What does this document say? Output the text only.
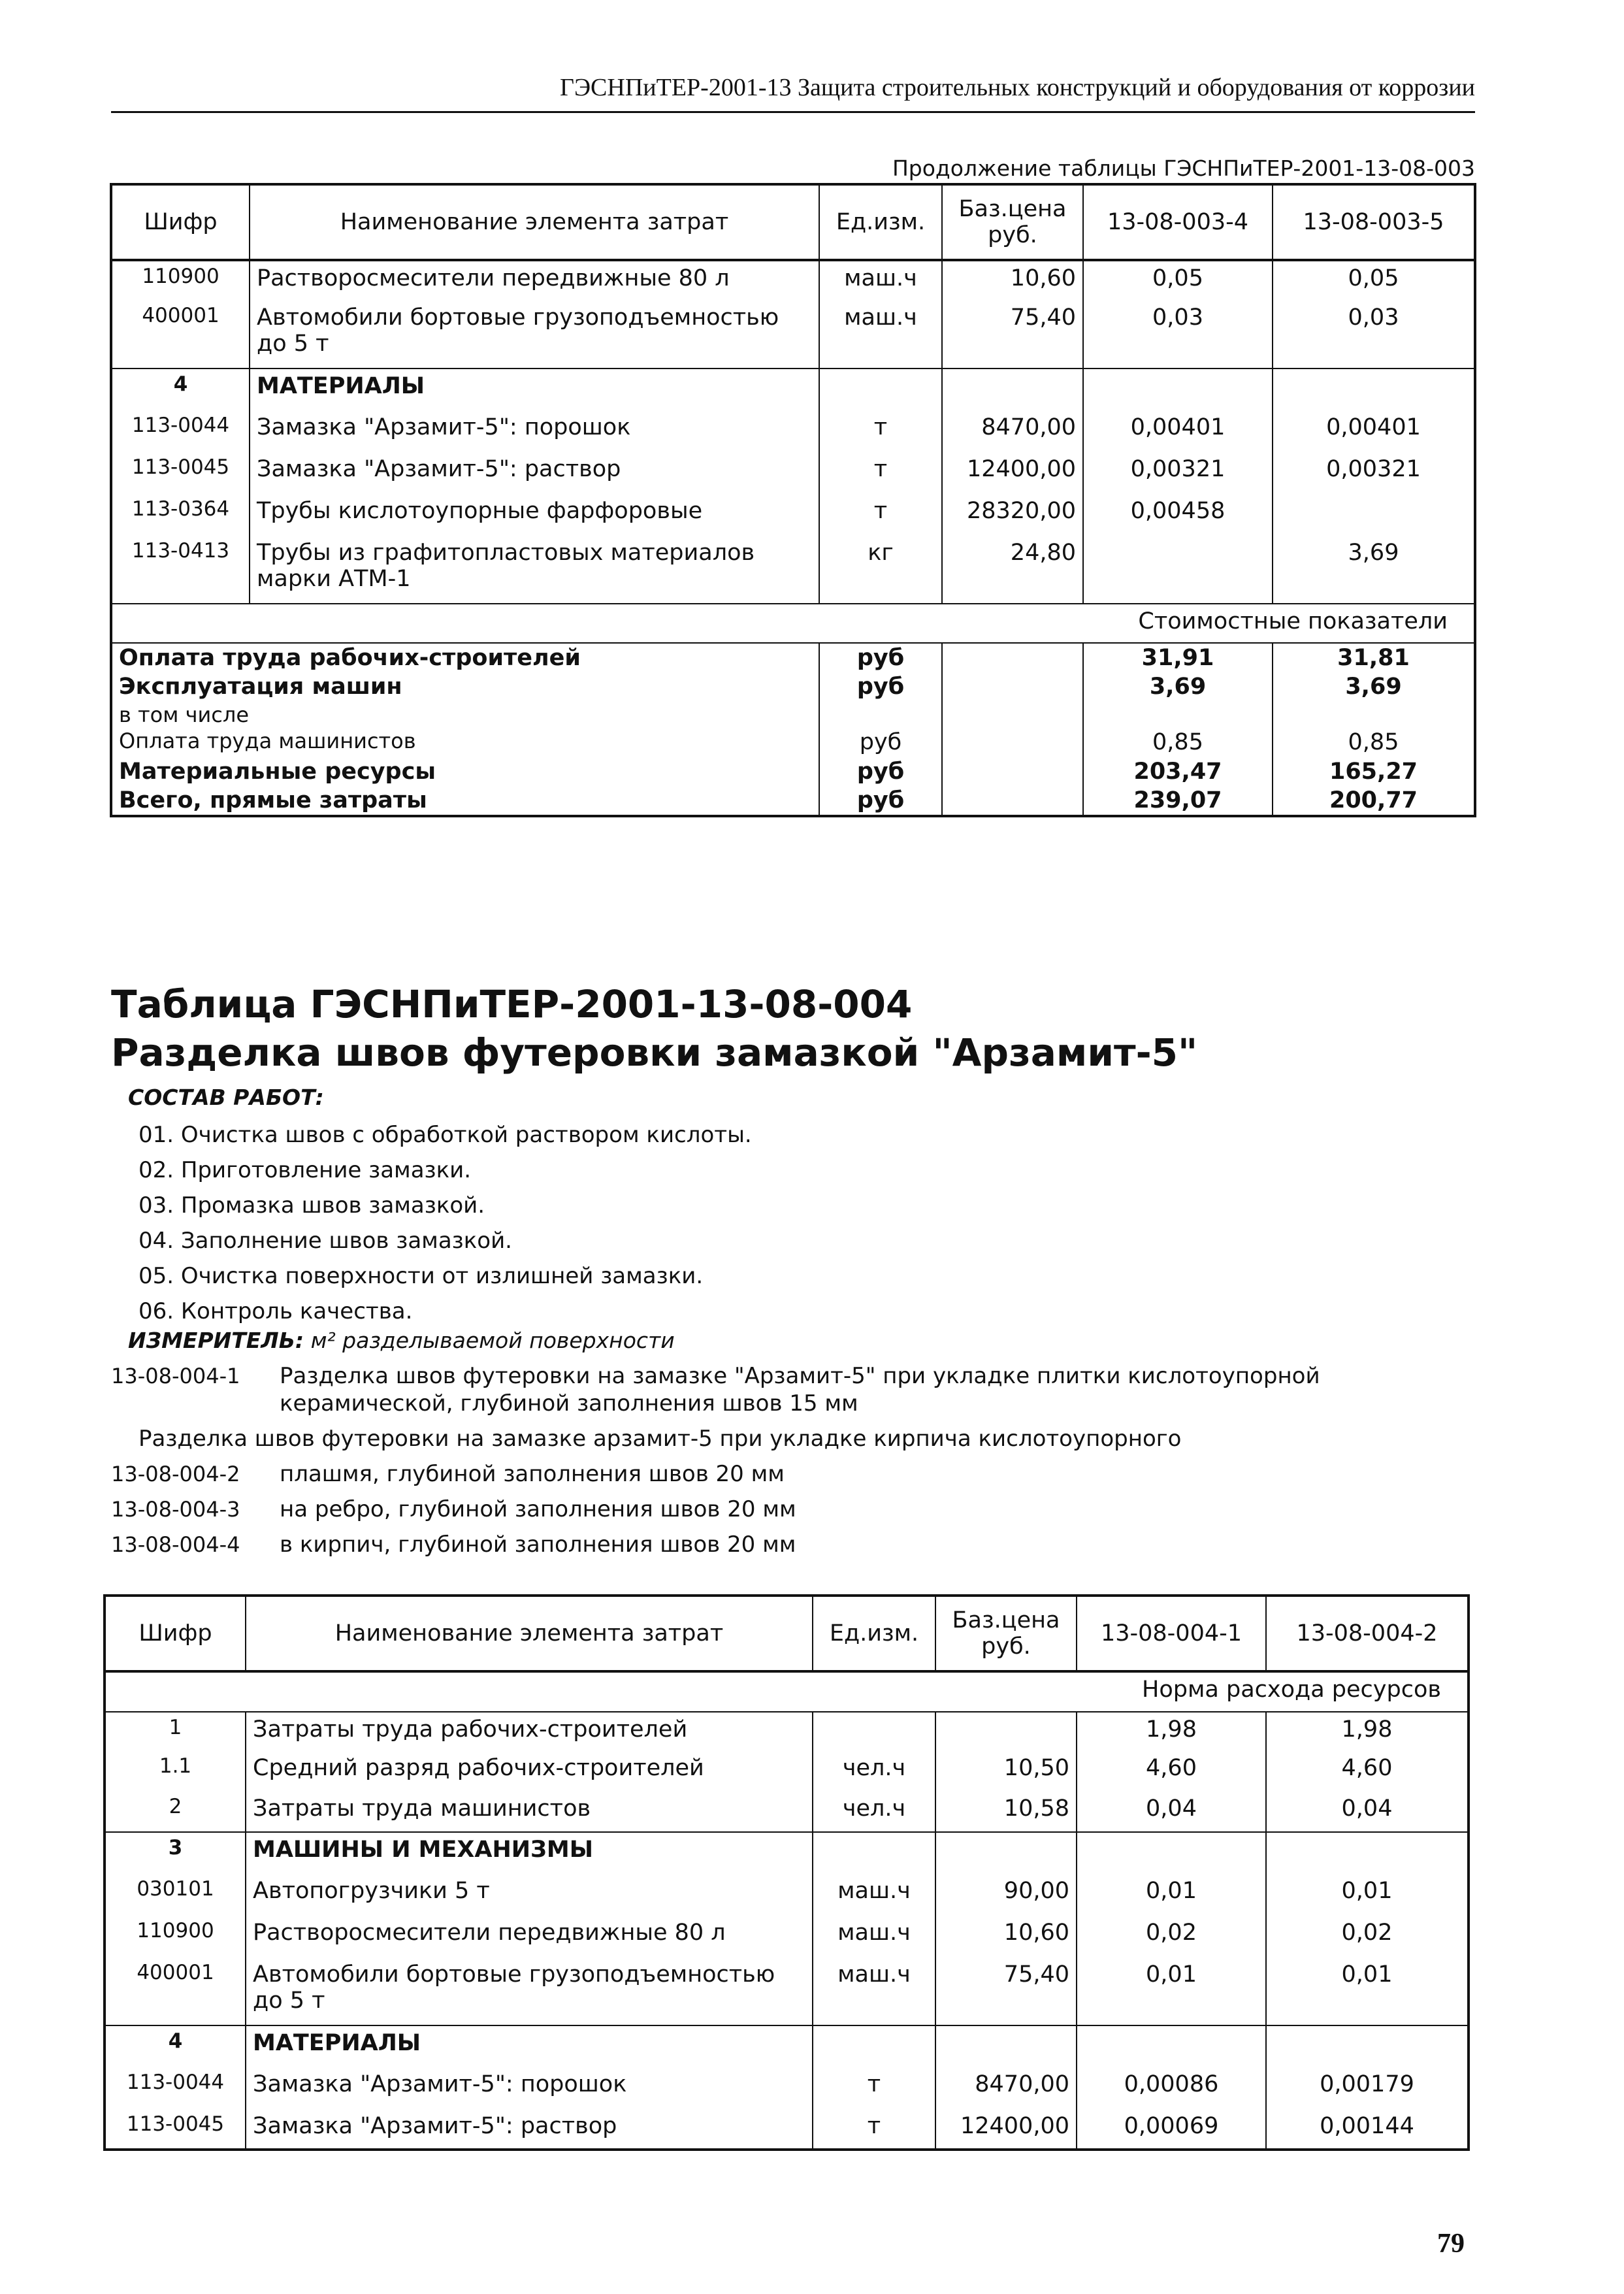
ГЭСНПиТЕР-2001-13 Защита строительных конструкций и оборудования от коррозии
Продолжение таблицы ГЭСНПиТЕР-2001-13-08-003
Шифр	Наименование элемента затрат	Ед.изм.	Баз.цена руб.	13-08-003-4	13-08-003-5
110900	Растворосмесители передвижные 80 л	маш.ч	10,60	0,05	0,05
400001	Автомобили бортовые грузоподъемностью до 5 т	маш.ч	75,40	0,03	0,03
4	МАТЕРИАЛЫ				
113-0044	Замазка "Арзамит-5": порошок	т	8470,00	0,00401	0,00401
113-0045	Замазка "Арзамит-5": раствор	т	12400,00	0,00321	0,00321
113-0364	Трубы кислотоупорные фарфоровые	т	28320,00	0,00458	
113-0413	Трубы из графитопластовых материалов марки АТМ-1	кг	24,80		3,69
Стоимостные показатели					
Оплата труда рабочих-строителей		руб		31,91	31,81
Эксплуатация машин		руб		3,69	3,69
в том числе					
Оплата труда машинистов		руб		0,85	0,85
Материальные ресурсы		руб		203,47	165,27
Всего, прямые затраты		руб		239,07	200,77
Таблица ГЭСНПиТЕР-2001-13-08-004
Разделка швов футеровки замазкой "Арзамит-5"
СОСТАВ РАБОТ:
01. Очистка швов с обработкой раствором кислоты.
02. Приготовление замазки.
03. Промазка швов замазкой.
04. Заполнение швов замазкой.
05. Очистка поверхности от излишней замазки.
06. Контроль качества.
ИЗМЕРИТЕЛЬ: м² разделываемой поверхности
13-08-004-1	Разделка швов футеровки на замазке "Арзамит-5" при укладке плитки кислотоупорной керамической, глубиной заполнения швов 15 мм
Разделка швов футеровки на замазке арзамит-5 при укладке кирпича кислотоупорного
13-08-004-2	плашмя, глубиной заполнения швов 20 мм
13-08-004-3	на ребро, глубиной заполнения швов 20 мм
13-08-004-4	в кирпич, глубиной заполнения швов 20 мм
Шифр	Наименование элемента затрат	Ед.изм.	Баз.цена руб.	13-08-004-1	13-08-004-2
Норма расхода ресурсов					
1	Затраты труда рабочих-строителей			1,98	1,98
1.1	Средний разряд рабочих-строителей	чел.ч	10,50	4,60	4,60
2	Затраты труда машинистов	чел.ч	10,58	0,04	0,04
3	МАШИНЫ И МЕХАНИЗМЫ				
030101	Автопогрузчики 5 т	маш.ч	90,00	0,01	0,01
110900	Растворосмесители передвижные 80 л	маш.ч	10,60	0,02	0,02
400001	Автомобили бортовые грузоподъемностью до 5 т	маш.ч	75,40	0,01	0,01
4	МАТЕРИАЛЫ				
113-0044	Замазка "Арзамит-5": порошок	т	8470,00	0,00086	0,00179
113-0045	Замазка "Арзамит-5": раствор	т	12400,00	0,00069	0,00144
79
